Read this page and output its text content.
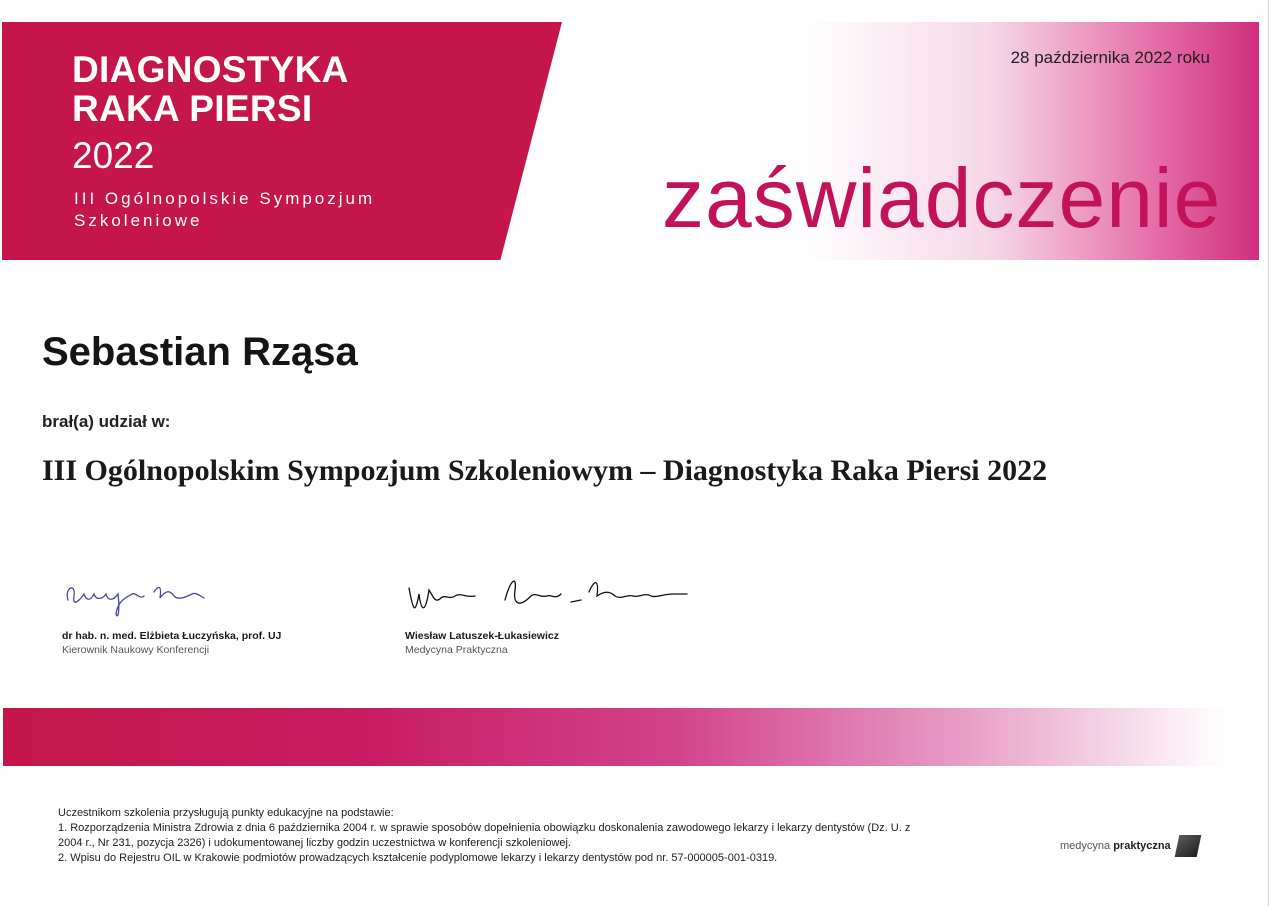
DIAGNOSTYKA
RAKA PIERSI
2022
III Ogólnopolskie Sympozjum Szkoleniowe
28 października 2022 roku
zaświadczenie
Sebastian Rząsa
brał(a) udział w:
III Ogólnopolskim Sympozjum Szkoleniowym – Diagnostyka Raka Piersi 2022
dr hab. n. med. Elżbieta Łuczyńska, prof. UJ
Kierownik Naukowy Konferencji
Wiesław Latuszek-Łukasiewicz
Medycyna Praktyczna

Uczestnikom szkolenia przysługują punkty edukacyjne na podstawie:

1. Rozporządzenia Ministra Zdrowia z dnia 6 października 2004 r. w sprawie sposobów dopełnienia obowiązku doskonalenia zawodowego lekarzy i lekarzy dentystów (Dz. U. z 2004 r., Nr 231, pozycja 2326) i udokumentowanej liczby godzin uczestnictwa w konferencji szkoleniowej.

2. Wpisu do Rejestru OIL w Krakowie podmiotów prowadzących kształcenie podyplomowe lekarzy i lekarzy dentystów pod nr. 57-000005-001-0319.

medycyna praktyczna
